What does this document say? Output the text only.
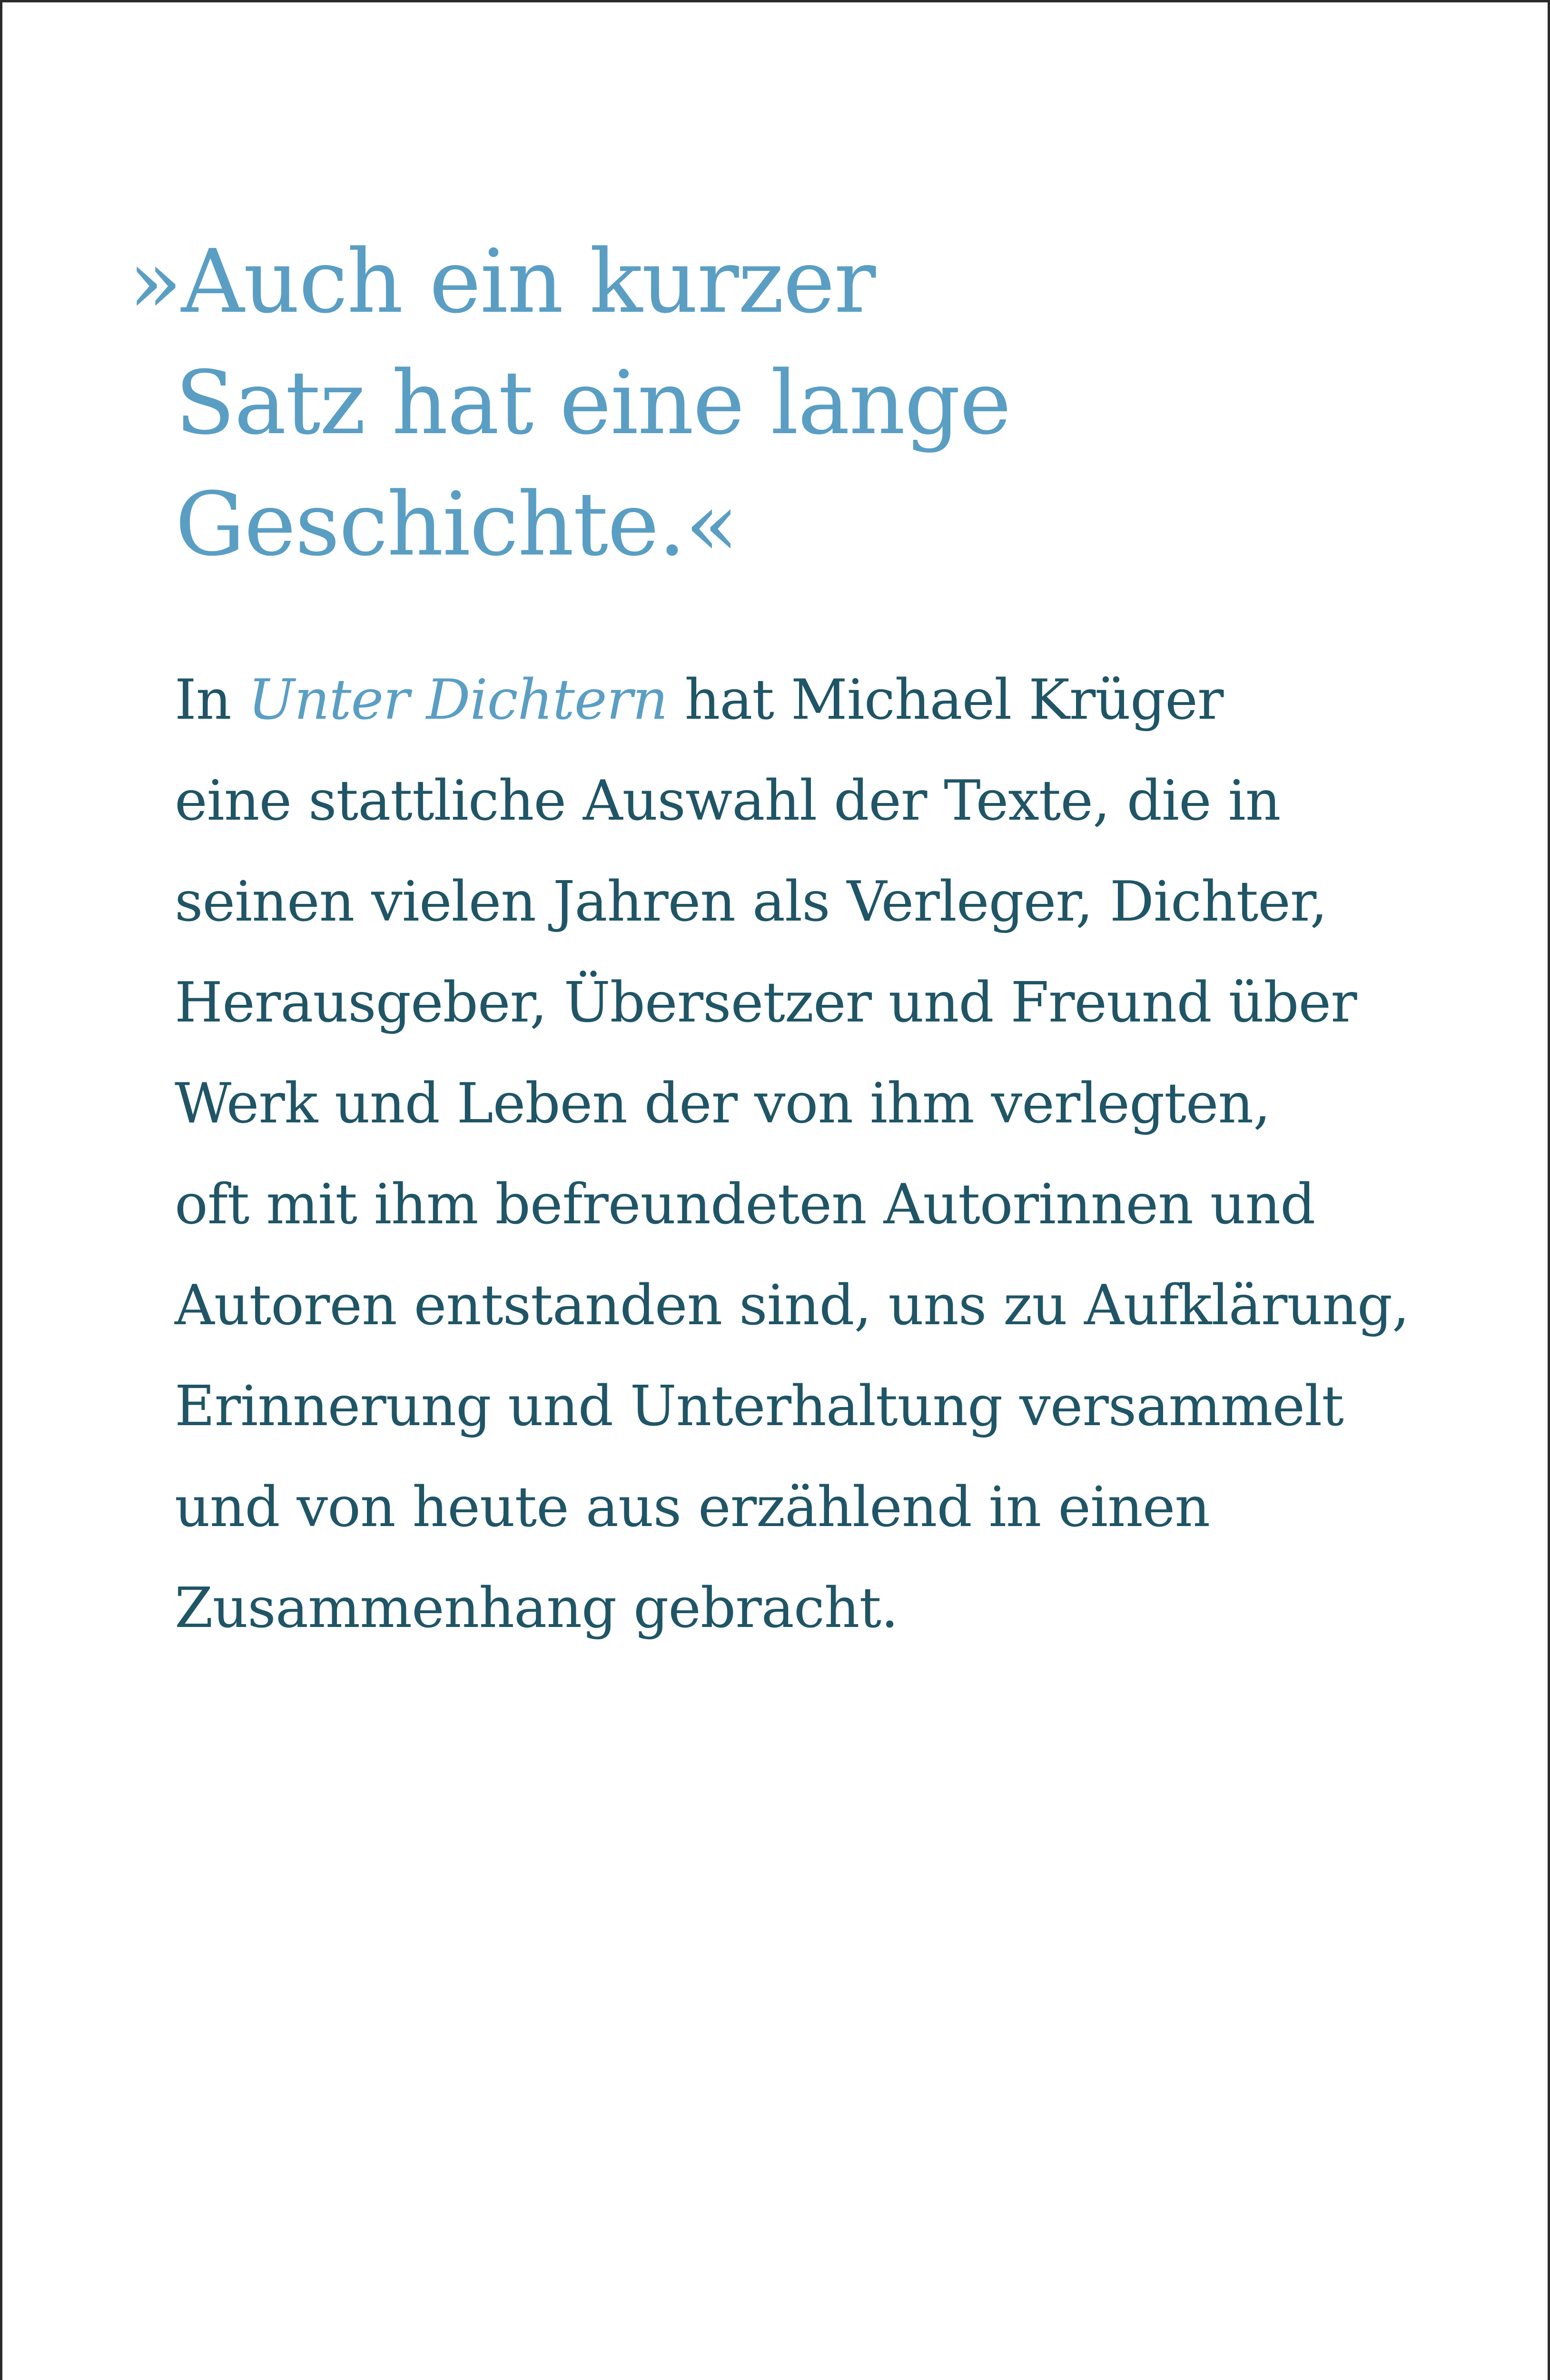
»Auch ein kurzer
Satz hat eine lange
Geschichte.«

In Unter Dichtern hat Michael Krüger
eine stattliche Auswahl der Texte, die in
seinen vielen Jahren als Verleger, Dichter,
Herausgeber, Übersetzer und Freund über
Werk und Leben der von ihm verlegten,
oft mit ihm befreundeten Autorinnen und
Autoren entstanden sind, uns zu Aufklärung,
Erinnerung und Unterhaltung versammelt
und von heute aus erzählend in einen
Zusammenhang gebracht.
